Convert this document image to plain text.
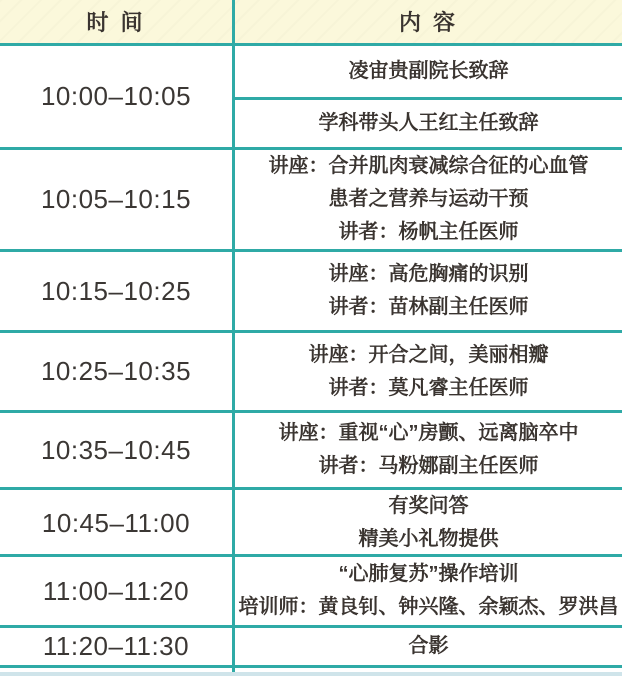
时 间	内 容
10:00–10:05
凌宙贵副院长致辞
学科带头人王红主任致辞
10:05–10:15
讲座：合并肌肉衰减综合征的心血管
患者之营养与运动干预
讲者：杨帆主任医师
10:15–10:25
讲座：高危胸痛的识别
讲者：苗林副主任医师
10:25–10:35
讲座：开合之间，美丽相瓣
讲者：莫凡睿主任医师
10:35–10:45
讲座：重视“心”房颤、远离脑卒中
讲者：马粉娜副主任医师
10:45–11:00
有奖问答
精美小礼物提供
11:00–11:20
“心肺复苏”操作培训
培训师：黄良钊、钟兴隆、余颖杰、罗洪昌
11:20–11:30	合影
